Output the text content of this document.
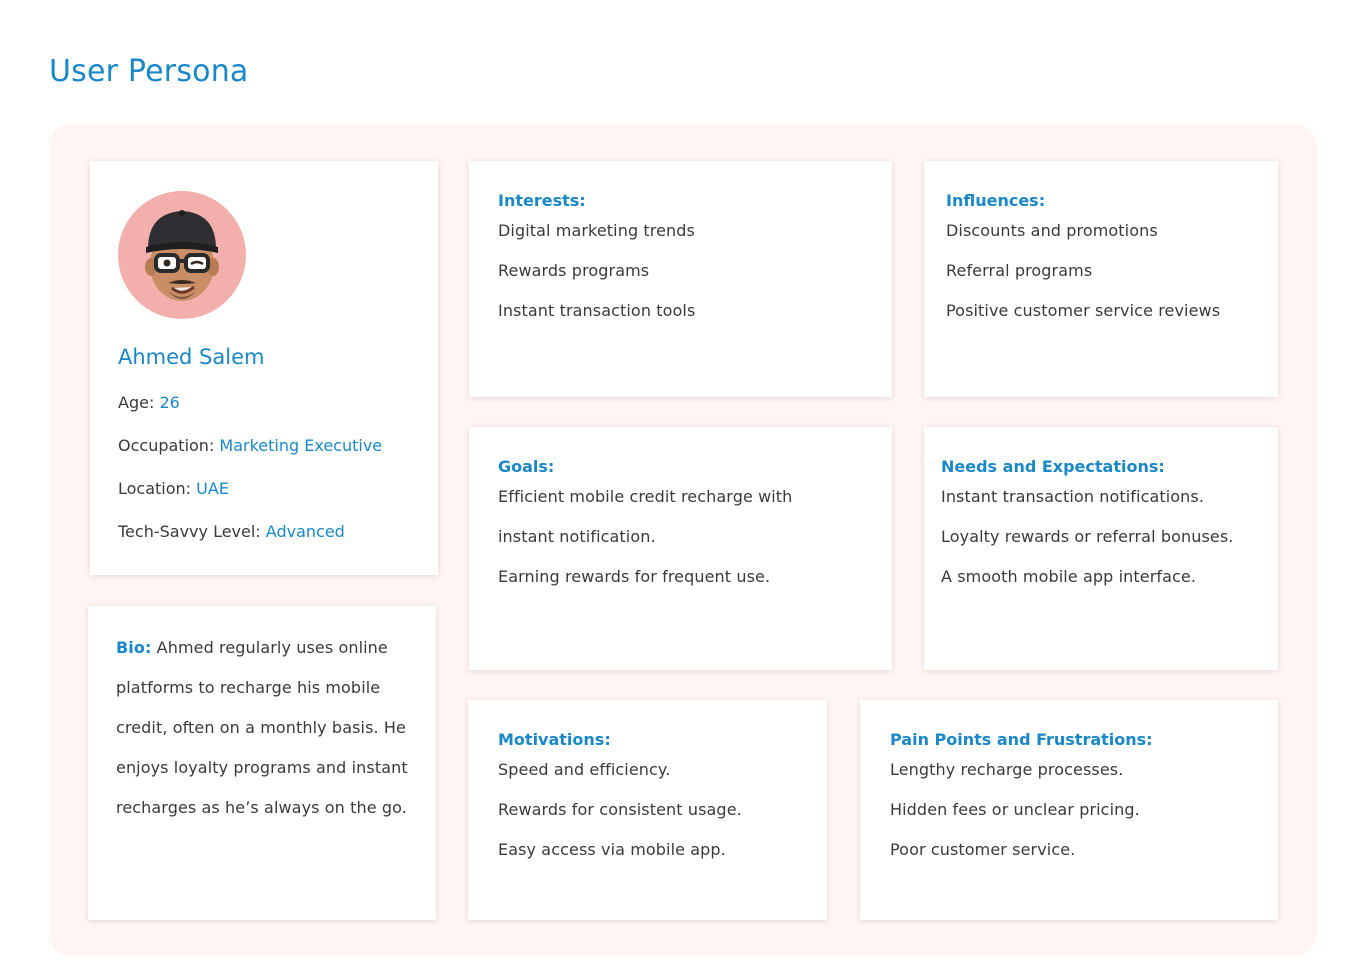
User Persona
Ahmed Salem
Age: 26
Occupation: Marketing Executive
Location: UAE
Tech-Savvy Level: Advanced

Bio: Ahmed regularly uses online platforms to recharge his mobile credit, often on a monthly basis. He enjoys loyalty programs and instant recharges as he’s always on the go.

Interests:
Digital marketing trends
Rewards programs
Instant transaction tools
Influences:
Discounts and promotions
Referral programs
Positive customer service reviews
Goals:
Efficient mobile credit recharge with
instant notification.
Earning rewards for frequent use.
Needs and Expectations:
Instant transaction notifications.
Loyalty rewards or referral bonuses.
A smooth mobile app interface.
Motivations:
Speed and efficiency.
Rewards for consistent usage.
Easy access via mobile app.
Pain Points and Frustrations:
Lengthy recharge processes.
Hidden fees or unclear pricing.
Poor customer service.
